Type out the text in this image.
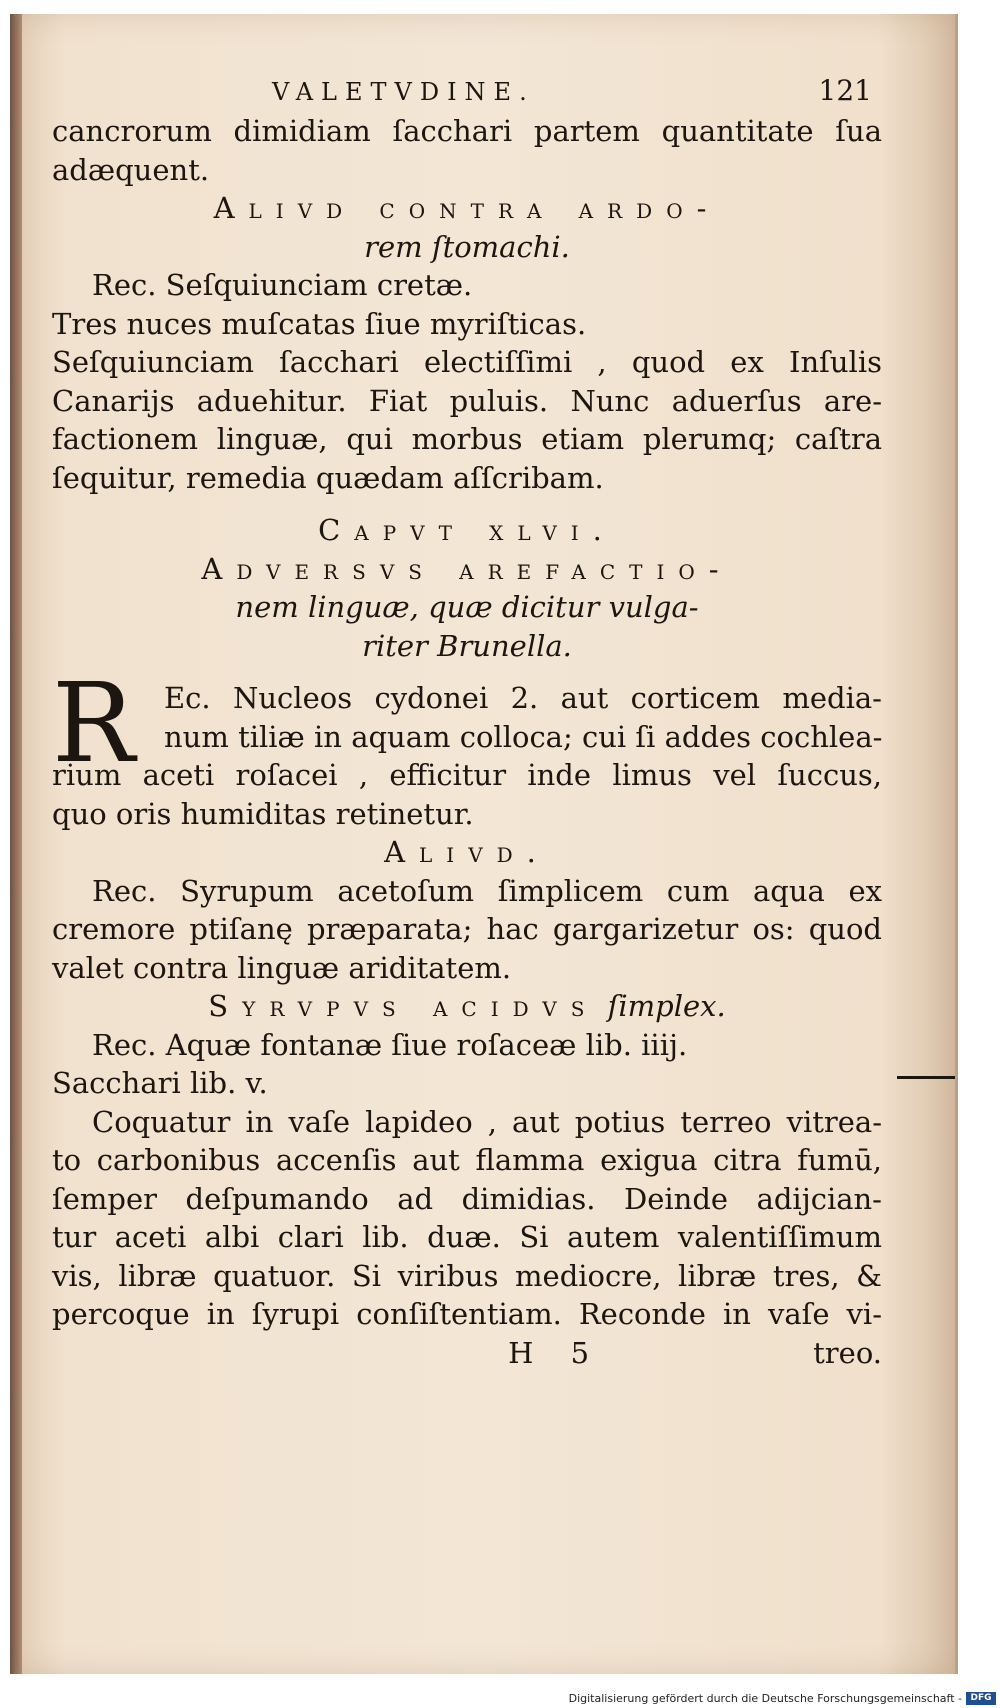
VALETVDINE.	121
cancrorum dimidiam ſacchari partem quantitate ſua
adæquent.
Alivd contra ardo-
rem ſtomachi.
Rec. Seſquiunciam cretæ.
Tres nuces muſcatas ſiue myriſticas.
Seſquiunciam ſacchari electiſſimi , quod ex Inſulis
Canarijs aduehitur. Fiat puluis. Nunc aduerſus are-
factionem linguæ, qui morbus etiam plerumq; caſtra
ſequitur, remedia quædam aſſcribam.
Capvt xlvi.
Adversvs arefactio-
nem linguæ, quæ dicitur vulga-
riter Brunella.
R	Ec. Nucleos cydonei 2. aut corticem media-
num tiliæ in aquam colloca; cui ſi addes cochlea-
rium aceti roſacei , efficitur inde limus vel ſuccus,
quo oris humiditas retinetur.
Alivd.
Rec. Syrupum acetoſum ſimplicem cum aqua ex
cremore ptiſanę præparata; hac gargarizetur os: quod
valet contra linguæ ariditatem.
Syrvpvs acidvs ſimplex.
Rec. Aquæ fontanæ ſiue roſaceæ lib. iiij.
Sacchari lib. v.
Coquatur in vaſe lapideo , aut potius terreo vitrea-
to carbonibus accenſis aut flamma exigua citra fumū,
ſemper deſpumando ad dimidias. Deinde adijcian-
tur aceti albi clari lib. duæ. Si autem valentiſſimum
vis, libræ quatuor. Si viribus mediocre, libræ tres, &
percoque in ſyrupi conſiſtentiam. Reconde in vaſe vi-
H 5	treo.
Digitalisierung gefördert durch die Deutsche Forschungsgemeinschaft - DFG
